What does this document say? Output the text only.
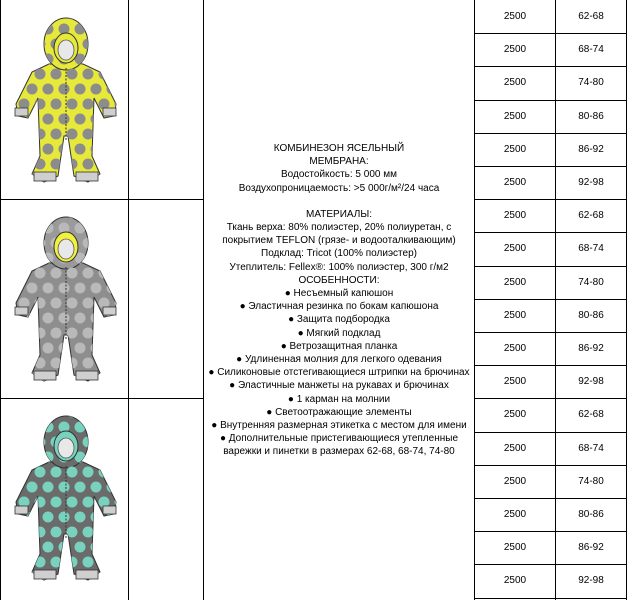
КОМБИНЕЗОН ЯСЕЛЬНЫЙ
МЕМБРАНА:
Водостойкость: 5 000 мм
Воздухопроницаемость: >5 000г/м²/24 часа
МАТЕРИАЛЫ:
Ткань верха: 80% полиэстер, 20% полиуретан, с
покрытием TEFLON (грязе- и водооталкивающим)
Подклад: Tricot (100% полиэстер)
Утеплитель: Fellex®: 100% полиэстер, 300 г/м2
ОСОБЕННОСТИ:
● Несъемный капюшон
● Эластичная резинка по бокам капюшона
● Защита подбородка
● Мягкий подклад
● Ветрозащитная планка
● Удлиненная молния для легкого одевания
● Силиконовые отстегивающиеся штрипки на брючинах
● Эластичные манжеты на рукавах и брючинах
● 1 карман на молнии
● Светоотражающие элементы
● Внутренняя размерная этикетка с местом для имени
● Дополнительные пристегивающиеся утепленные
варежки и пинетки в размерах 62-68, 68-74, 74-80
2500	62-68
2500	68-74
2500	74-80
2500	80-86
2500	86-92
2500	92-98
2500	62-68
2500	68-74
2500	74-80
2500	80-86
2500	86-92
2500	92-98
2500	62-68
2500	68-74
2500	74-80
2500	80-86
2500	86-92
2500	92-98
